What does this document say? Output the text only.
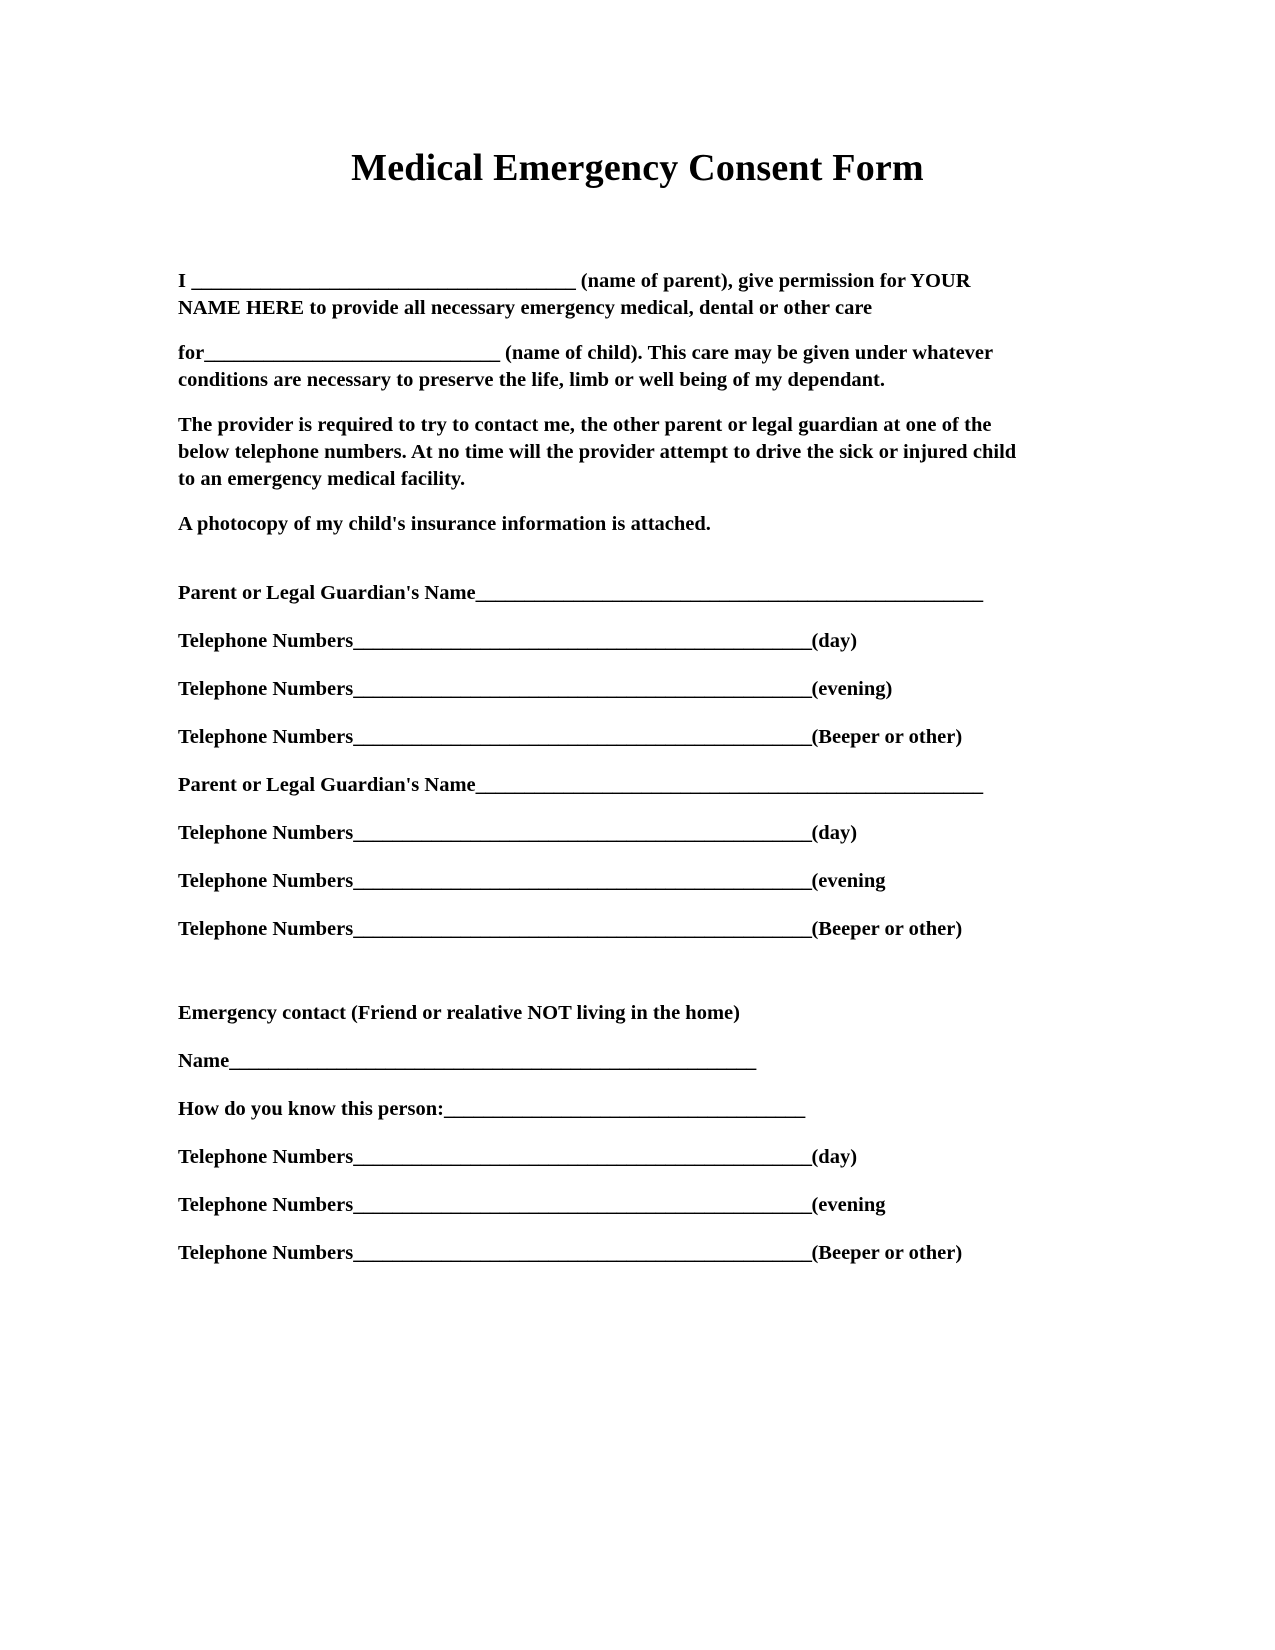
Medical Emergency Consent Form

I _______________________________________ (name of parent), give permission for YOUR NAME HERE to provide all necessary emergency medical, dental or other care

for______________________________ (name of child). This care may be given under whatever conditions are necessary to preserve the life, limb or well being of my dependant.

The provider is required to try to contact me, the other parent or legal guardian at one of the below telephone numbers. At no time will the provider attempt to drive the sick or injured child to an emergency medical facility.

A photocopy of my child's insurance information is attached.

Parent or Legal Guardian's Name____________________________________________________
Telephone Numbers_______________________________________________(day)
Telephone Numbers_______________________________________________(evening)
Telephone Numbers_______________________________________________(Beeper or other)
Parent or Legal Guardian's Name____________________________________________________
Telephone Numbers_______________________________________________(day)
Telephone Numbers_______________________________________________(evening
Telephone Numbers_______________________________________________(Beeper or other)
Emergency contact (Friend or realative NOT living in the home)
Name______________________________________________________
How do you know this person:_____________________________________
Telephone Numbers_______________________________________________(day)
Telephone Numbers_______________________________________________(evening
Telephone Numbers_______________________________________________(Beeper or other)
